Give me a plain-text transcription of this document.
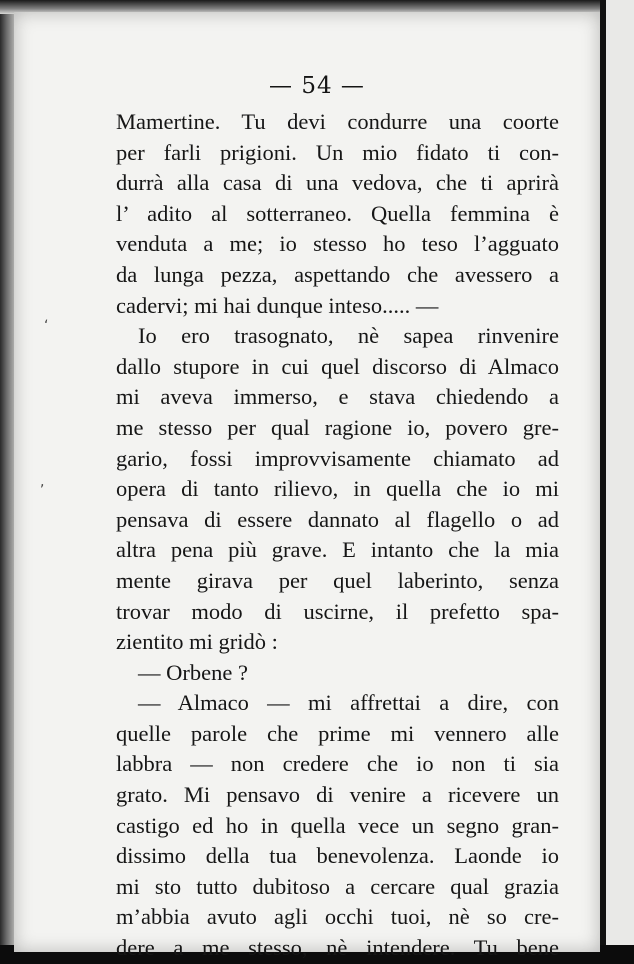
— 54 —
Mamertine. Tu devi condurre una coorte
per farli prigioni. Un mio fidato ti con-
durrà alla casa di una vedova, che ti aprirà
l’ adito al sotterraneo. Quella femmina è
venduta a me; io stesso ho teso l’agguato
da lunga pezza, aspettando che avessero a
cadervi; mi hai dunque inteso..... —
Io ero trasognato, nè sapea rinvenire
dallo stupore in cui quel discorso di Almaco
mi aveva immerso, e stava chiedendo a
me stesso per qual ragione io, povero gre-
gario, fossi improvvisamente chiamato ad
opera di tanto rilievo, in quella che io mi
pensava di essere dannato al flagello o ad
altra pena più grave. E intanto che la mia
mente girava per quel laberinto, senza
trovar modo di uscirne, il prefetto spa-
zientito mi gridò :
— Orbene ?
— Almaco — mi affrettai a dire, con
quelle parole che prime mi vennero alle
labbra — non credere che io non ti sia
grato. Mi pensavo di venire a ricevere un
castigo ed ho in quella vece un segno gran-
dissimo della tua benevolenza. Laonde io
mi sto tutto dubitoso a cercare qual grazia
m’abbia avuto agli occhi tuoi, nè so cre-
dere a me stesso, nè intendere. Tu bene
‘
,
